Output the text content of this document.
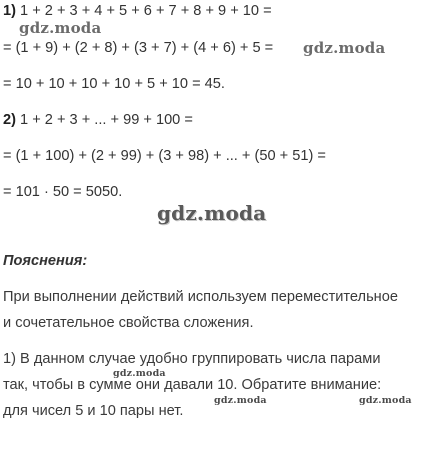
1) 1 + 2 + 3 + 4 + 5 + 6 + 7 + 8 + 9 + 10 =
gdz.moda
= (1 + 9) + (2 + 8) + (3 + 7) + (4 + 6) + 5 = gdz.moda
= 10 + 10 + 10 + 10 + 5 + 10 = 45.
2) 1 + 2 + 3 + ... + 99 + 100 =
= (1 + 100) + (2 + 99) + (3 + 98) + ... + (50 + 51) =
= 101 · 50 = 5050.
gdz.moda
Пояснения:
При выполнении действий используем переместительное
и сочетательное свойства сложения.
1) В данном случае удобно группировать числа парами
gdz.moda
так, чтобы в сумме они давали 10. Обратите внимание:
для чисел 5 и 10 пары нет.
gdz.moda	gdz.moda
